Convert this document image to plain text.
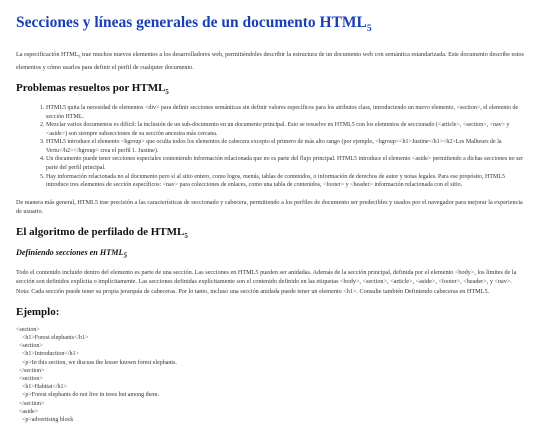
Secciones y líneas generales de un documento $HTML_5$

La especificación $HTML_5$ trae muchos nuevos elementos a los desarrolladores web, permitiéndoles describir la estructura de un documento web con semántica estandarizada. Este documento describe estos elementos y cómo usarlos para definir el perfil de cualquier documento.

Problemas resueltos por $HTML_5$
1. HTML5 quita la necesidad de elementos <div> para definir secciones semánticas sin definir valores específicos para los atributos class, introduciendo un nuevo elemento, <section>, el elemento de sección HTML.
2. Mezclar varios documentos es difícil: la inclusión de un sub-documento en un documento principal. Esto se resuelve en HTML5 con los elementos de seccionado (<article>, <section>, <nav> y <aside>) son siempre subsecciones de su sección ancestra más cercana.
3. HTML5 introduce el elemento <hgroup> que oculta todos los elementos de cabecera excepto el primero de más alto rango (por ejemplo, <hgroup><h1>Justine</h1><h2>Les Malheurs de la Vertu</h2></hgroup> crea el perfil 1. Justine).
4. Un documento puede tener secciones especiales conteniendo información relacionada que no es parte del flujo principal. HTML5 introduce el elemento <aside> permitiendo a dichas secciones no ser parte del perfil principal.
5. Hay información relacionada no al documento pero sí al sitio entero, como logos, menús, tablas de contenidos, o información de derechos de autor y notas legales. Para ese propósito, HTML5 introduce tres elementos de sección específicos: <nav> para colecciones de enlaces, como una tabla de contenidos, <footer> y <header> información relacionada con el sitio.

De manera más general, HTML5 trae precisión a las características de seccionado y cabecera, permitiendo a los perfiles de documento ser predecibles y usados por el navegador para mejorar la experiencia de usuario.

El algoritmo de perfilado de $HTML_5$
Definiendo secciones en $HTML_5$

Todo el contenido incluido dentro del elemento es parte de una sección. Las secciones en HTML5 pueden ser anidadas. Además de la sección principal, definida por el elemento <body>, los límites de la sección son definidos explícita o implícitamente. Las secciones definidas explícitamente son el contenido definido en las etiquetas <body>, <section>, <article>, <aside>, <footer>, <header>, y <nav>. Nota: Cada sección puede tener su propia jerarquía de cabeceras. Por lo tanto, incluso una sección anidada puede tener un elemento <h1>. Consulte también Definiendo cabeceras en HTML5.

Ejemplo:
<section>
<h1>Forest elephants</h1>
<section>
<h1>Introduction</h1>
<p>In this section, we discuss the lesser known forest elephants.
</section>
<section>
<h1>Habitat</h1>
<p>Forest elephants do not live in trees but among them.
</section>
<aside>
<p>advertising block
